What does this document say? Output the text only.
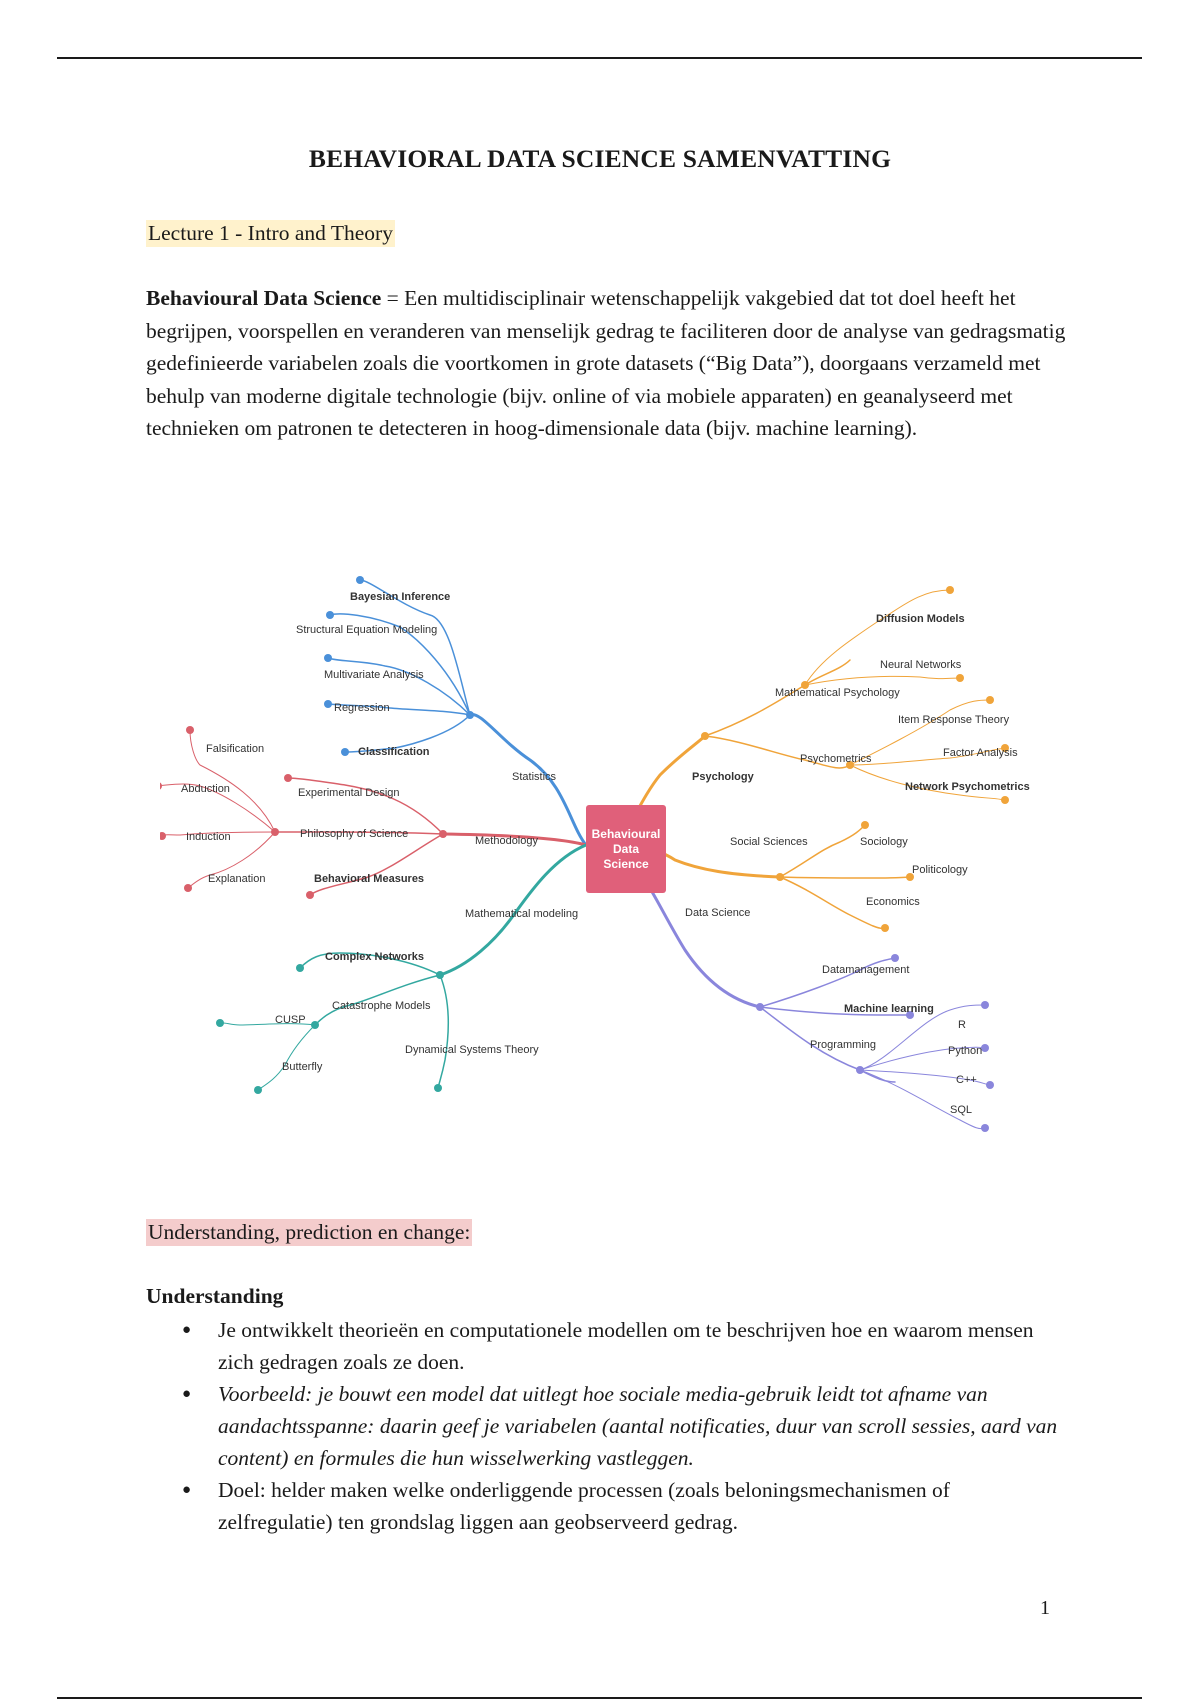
BEHAVIORAL DATA SCIENCE SAMENVATTING
Lecture 1 - Intro and Theory
Behavioural Data Science = Een multidisciplinair wetenschappelijk vakgebied dat tot doel heeft het begrijpen, voorspellen en veranderen van menselijk gedrag te faciliteren door de analyse van gedragsmatig gedefinieerde variabelen zoals die voortkomen in grote datasets (“Big Data”), doorgaans verzameld met behulp van moderne digitale technologie (bijv. online of via mobiele apparaten) en geanalyseerd met technieken om patronen te detecteren in hoog-dimensionale data (bijv. machine learning).
Behavioural
Data
Science
Statistics
Bayesian Inference
Structural Equation Modeling
Multivariate Analysis
Regression
Classification
Methodology
Experimental Design
Philosophy of Science
Behavioral Measures
Falsification
Abduction
Induction
Explanation
Mathematical modeling
Complex Networks
Catastrophe Models
Dynamical Systems Theory
CUSP
Butterfly
Psychology
Mathematical Psychology
Psychometrics
Diffusion Models
Neural Networks
Item Response Theory
Factor Analysis
Network Psychometrics
Social Sciences	Sociology
Politicology
Economics
Data Science
Datamanagement
Machine learning
Programming
R
Python
C++
SQL
Understanding, prediction en change:
Understanding
● Je ontwikkelt theorieën en computationele modellen om te beschrijven hoe en waarom mensen zich gedragen zoals ze doen.
● Voorbeeld: je bouwt een model dat uitlegt hoe sociale media-gebruik leidt tot afname van aandachtsspanne: daarin geef je variabelen (aantal notificaties, duur van scroll sessies, aard van content) en formules die hun wisselwerking vastleggen.
● Doel: helder maken welke onderliggende processen (zoals beloningsmechanismen of zelfregulatie) ten grondslag liggen aan geobserveerd gedrag.
1
